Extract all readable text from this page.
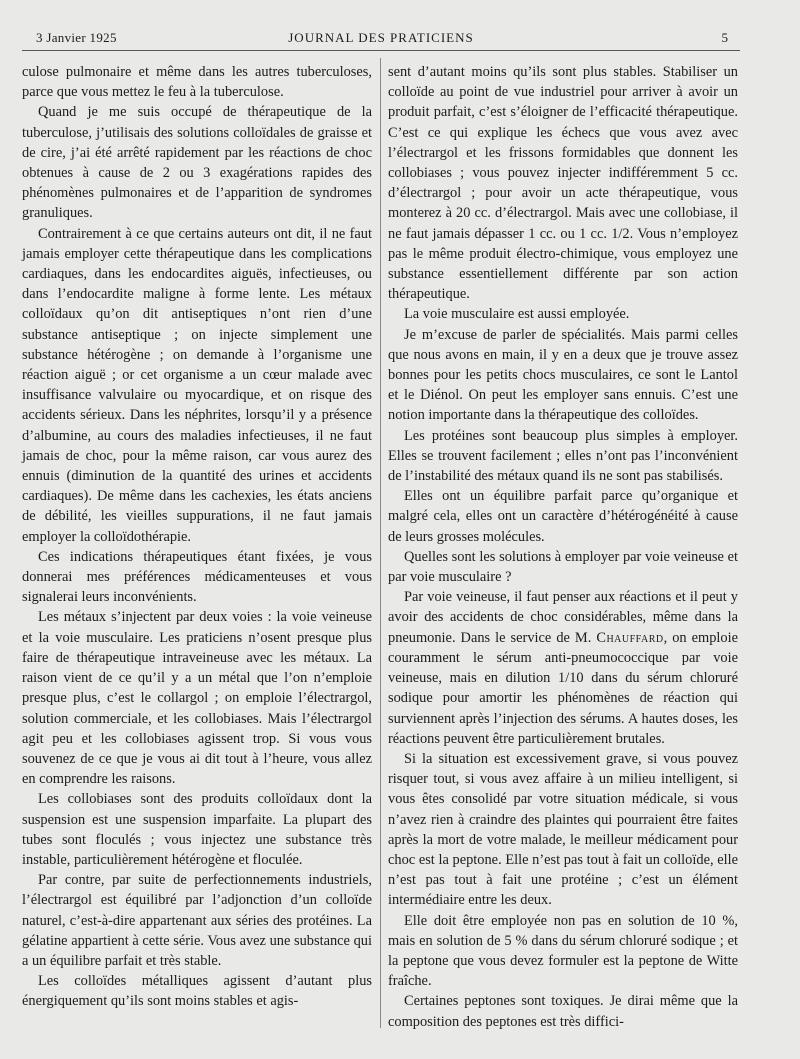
3 Janvier 1925	JOURNAL DES PRATICIENS	5

culose pulmonaire et même dans les autres tuberculoses, parce que vous mettez le feu à la tuberculose.

Quand je me suis occupé de thérapeutique de la tuberculose, j’utilisais des solutions colloïdales de graisse et de cire, j’ai été arrêté rapidement par les réactions de choc obtenues à cause de 2 ou 3 exagérations rapides des phénomènes pulmonaires et de l’apparition de syndromes granuliques.

Contrairement à ce que certains auteurs ont dit, il ne faut jamais employer cette thérapeutique dans les complications cardiaques, dans les endocardites aiguës, infectieuses, ou dans l’endocardite maligne à forme lente. Les métaux colloïdaux qu’on dit antiseptiques n’ont rien d’une substance antiseptique ; on injecte simplement une substance hétérogène ; on demande à l’organisme une réaction aiguë ; or cet organisme a un cœur malade avec insuffisance valvulaire ou myocardique, et on risque des accidents sérieux. Dans les néphrites, lorsqu’il y a présence d’albumine, au cours des maladies infectieuses, il ne faut jamais de choc, pour la même raison, car vous aurez des ennuis (diminution de la quantité des urines et accidents cardiaques). De même dans les cachexies, les états anciens de débilité, les vieilles suppurations, il ne faut jamais employer la colloïdothérapie.

Ces indications thérapeutiques étant fixées, je vous donnerai mes préférences médicamenteuses et vous signalerai leurs inconvénients.

Les métaux s’injectent par deux voies : la voie veineuse et la voie musculaire. Les praticiens n’osent presque plus faire de thérapeutique intraveineuse avec les métaux. La raison vient de ce qu’il y a un métal que l’on n’emploie presque plus, c’est le collargol ; on emploie l’électrargol, solution commerciale, et les collobiases. Mais l’électrargol agit peu et les collobiases agissent trop. Si vous vous souvenez de ce que je vous ai dit tout à l’heure, vous allez en comprendre les raisons.

Les collobiases sont des produits colloïdaux dont la suspension est une suspension imparfaite. La plupart des tubes sont floculés ; vous injectez une substance très instable, particulièrement hétérogène et floculée.

Par contre, par suite de perfectionnements industriels, l’électrargol est équilibré par l’adjonction d’un colloïde naturel, c’est-à-dire appartenant aux séries des protéines. La gélatine appartient à cette série. Vous avez une substance qui a un équilibre parfait et très stable.

Les colloïdes métalliques agissent d’autant plus énergiquement qu’ils sont moins stables et agis-

sent d’autant moins qu’ils sont plus stables. Stabiliser un colloïde au point de vue industriel pour arriver à avoir un produit parfait, c’est s’éloigner de l’efficacité thérapeutique. C’est ce qui explique les échecs que vous avez avec l’électrargol et les frissons formidables que donnent les collobiases ; vous pouvez injecter indifféremment 5 cc. d’électrargol ; pour avoir un acte thérapeutique, vous monterez à 20 cc. d’électrargol. Mais avec une collobiase, il ne faut jamais dépasser 1 cc. ou 1 cc. 1/2. Vous n’employez pas le même produit électro-chimique, vous employez une substance essentiellement différente par son action thérapeutique.

La voie musculaire est aussi employée.

Je m’excuse de parler de spécialités. Mais parmi celles que nous avons en main, il y en a deux que je trouve assez bonnes pour les petits chocs musculaires, ce sont le Lantol et le Diénol. On peut les employer sans ennuis. C’est une notion importante dans la thérapeutique des colloïdes.

Les protéines sont beaucoup plus simples à employer. Elles se trouvent facilement ; elles n’ont pas l’inconvénient de l’instabilité des métaux quand ils ne sont pas stabilisés.

Elles ont un équilibre parfait parce qu’organique et malgré cela, elles ont un caractère d’hétérogénéité à cause de leurs grosses molécules.

Quelles sont les solutions à employer par voie veineuse et par voie musculaire ?

Par voie veineuse, il faut penser aux réactions et il peut y avoir des accidents de choc considérables, même dans la pneumonie. Dans le service de M. Chauffard, on emploie couramment le sérum anti-pneumococcique par voie veineuse, mais en dilution 1/10 dans du sérum chloruré sodique pour amortir les phénomènes de réaction qui surviennent après l’injection des sérums. A hautes doses, les réactions peuvent être particulièrement brutales.

Si la situation est excessivement grave, si vous pouvez risquer tout, si vous avez affaire à un milieu intelligent, si vous êtes consolidé par votre situation médicale, si vous n’avez rien à craindre des plaintes qui pourraient être faites après la mort de votre malade, le meilleur médicament pour choc est la peptone. Elle n’est pas tout à fait un colloïde, elle n’est pas tout à fait une protéine ; c’est un élément intermédiaire entre les deux.

Elle doit être employée non pas en solution de 10 %, mais en solution de 5 % dans du sérum chloruré sodique ; et la peptone que vous devez formuler est la peptone de Witte fraîche.

Certaines peptones sont toxiques. Je dirai même que la composition des peptones est très diffici-
